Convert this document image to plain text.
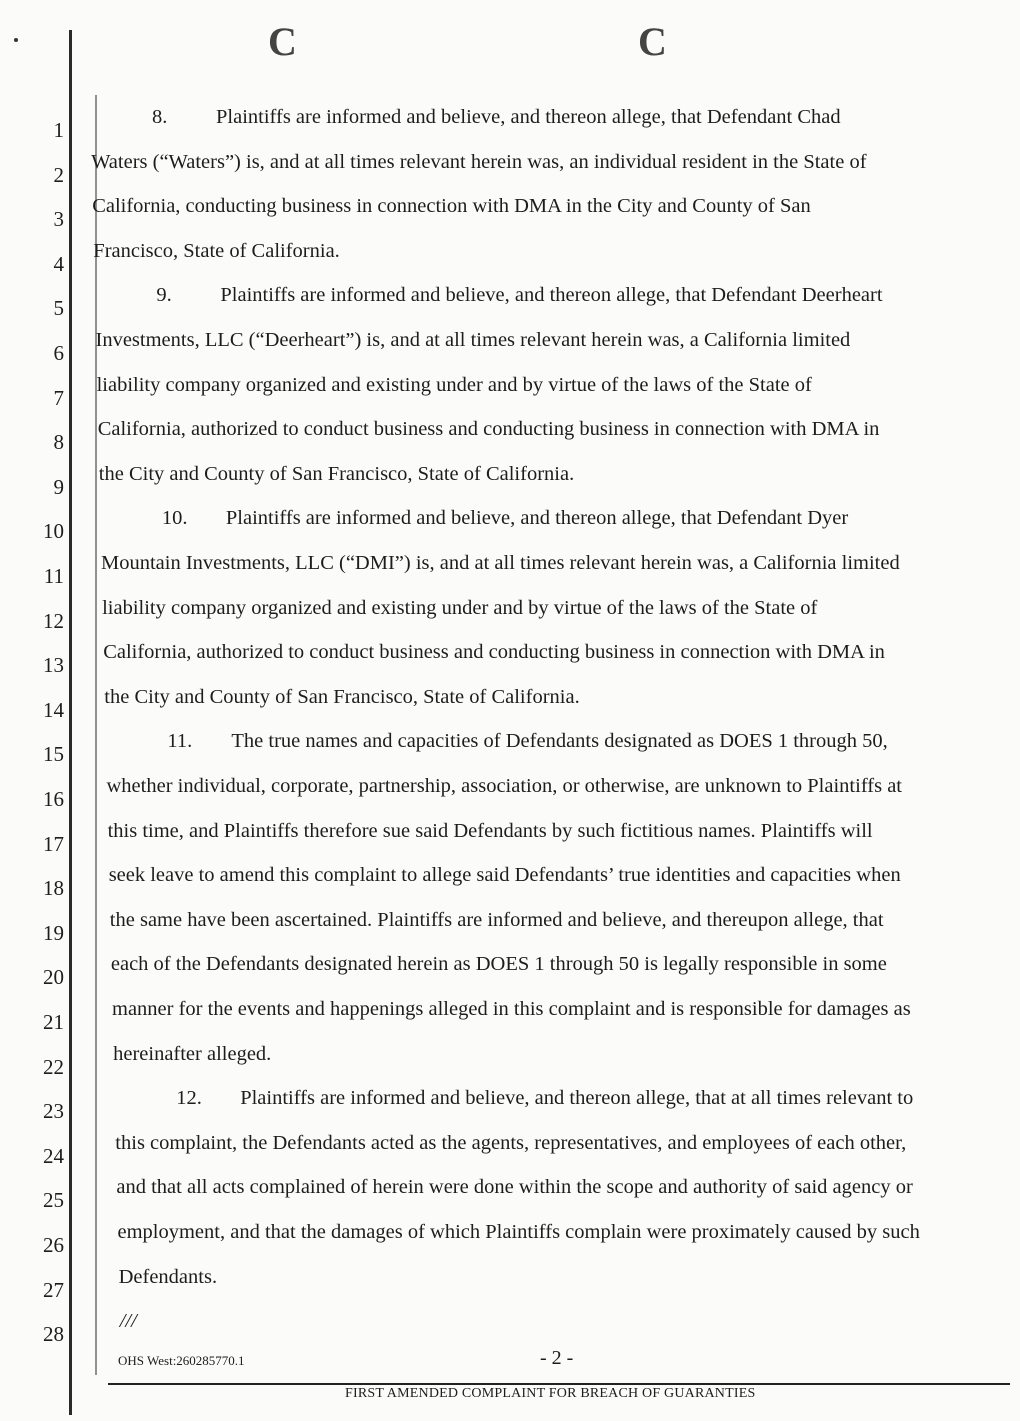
C	C
1
2
3
4
5
6
7
8
9
10
11
12
13
14
15
16
17
18
19
20
21
22
23
24
25
26
27
28
8. Plaintiffs are informed and believe, and thereon allege, that Defendant Chad
Waters (“Waters”) is, and at all times relevant herein was, an individual resident in the State of
California, conducting business in connection with DMA in the City and County of San
Francisco, State of California.
9. Plaintiffs are informed and believe, and thereon allege, that Defendant Deerheart
Investments, LLC (“Deerheart”) is, and at all times relevant herein was, a California limited
liability company organized and existing under and by virtue of the laws of the State of
California, authorized to conduct business and conducting business in connection with DMA in
the City and County of San Francisco, State of California.
10. Plaintiffs are informed and believe, and thereon allege, that Defendant Dyer
Mountain Investments, LLC (“DMI”) is, and at all times relevant herein was, a California limited
liability company organized and existing under and by virtue of the laws of the State of
California, authorized to conduct business and conducting business in connection with DMA in
the City and County of San Francisco, State of California.
11. The true names and capacities of Defendants designated as DOES 1 through 50,
whether individual, corporate, partnership, association, or otherwise, are unknown to Plaintiffs at
this time, and Plaintiffs therefore sue said Defendants by such fictitious names. Plaintiffs will
seek leave to amend this complaint to allege said Defendants’ true identities and capacities when
the same have been ascertained. Plaintiffs are informed and believe, and thereupon allege, that
each of the Defendants designated herein as DOES 1 through 50 is legally responsible in some
manner for the events and happenings alleged in this complaint and is responsible for damages as
hereinafter alleged.
12. Plaintiffs are informed and believe, and thereon allege, that at all times relevant to
this complaint, the Defendants acted as the agents, representatives, and employees of each other,
and that all acts complained of herein were done within the scope and authority of said agency or
employment, and that the damages of which Plaintiffs complain were proximately caused by such
Defendants.
///
OHS West:260285770.1	- 2 -
FIRST AMENDED COMPLAINT FOR BREACH OF GUARANTIES
